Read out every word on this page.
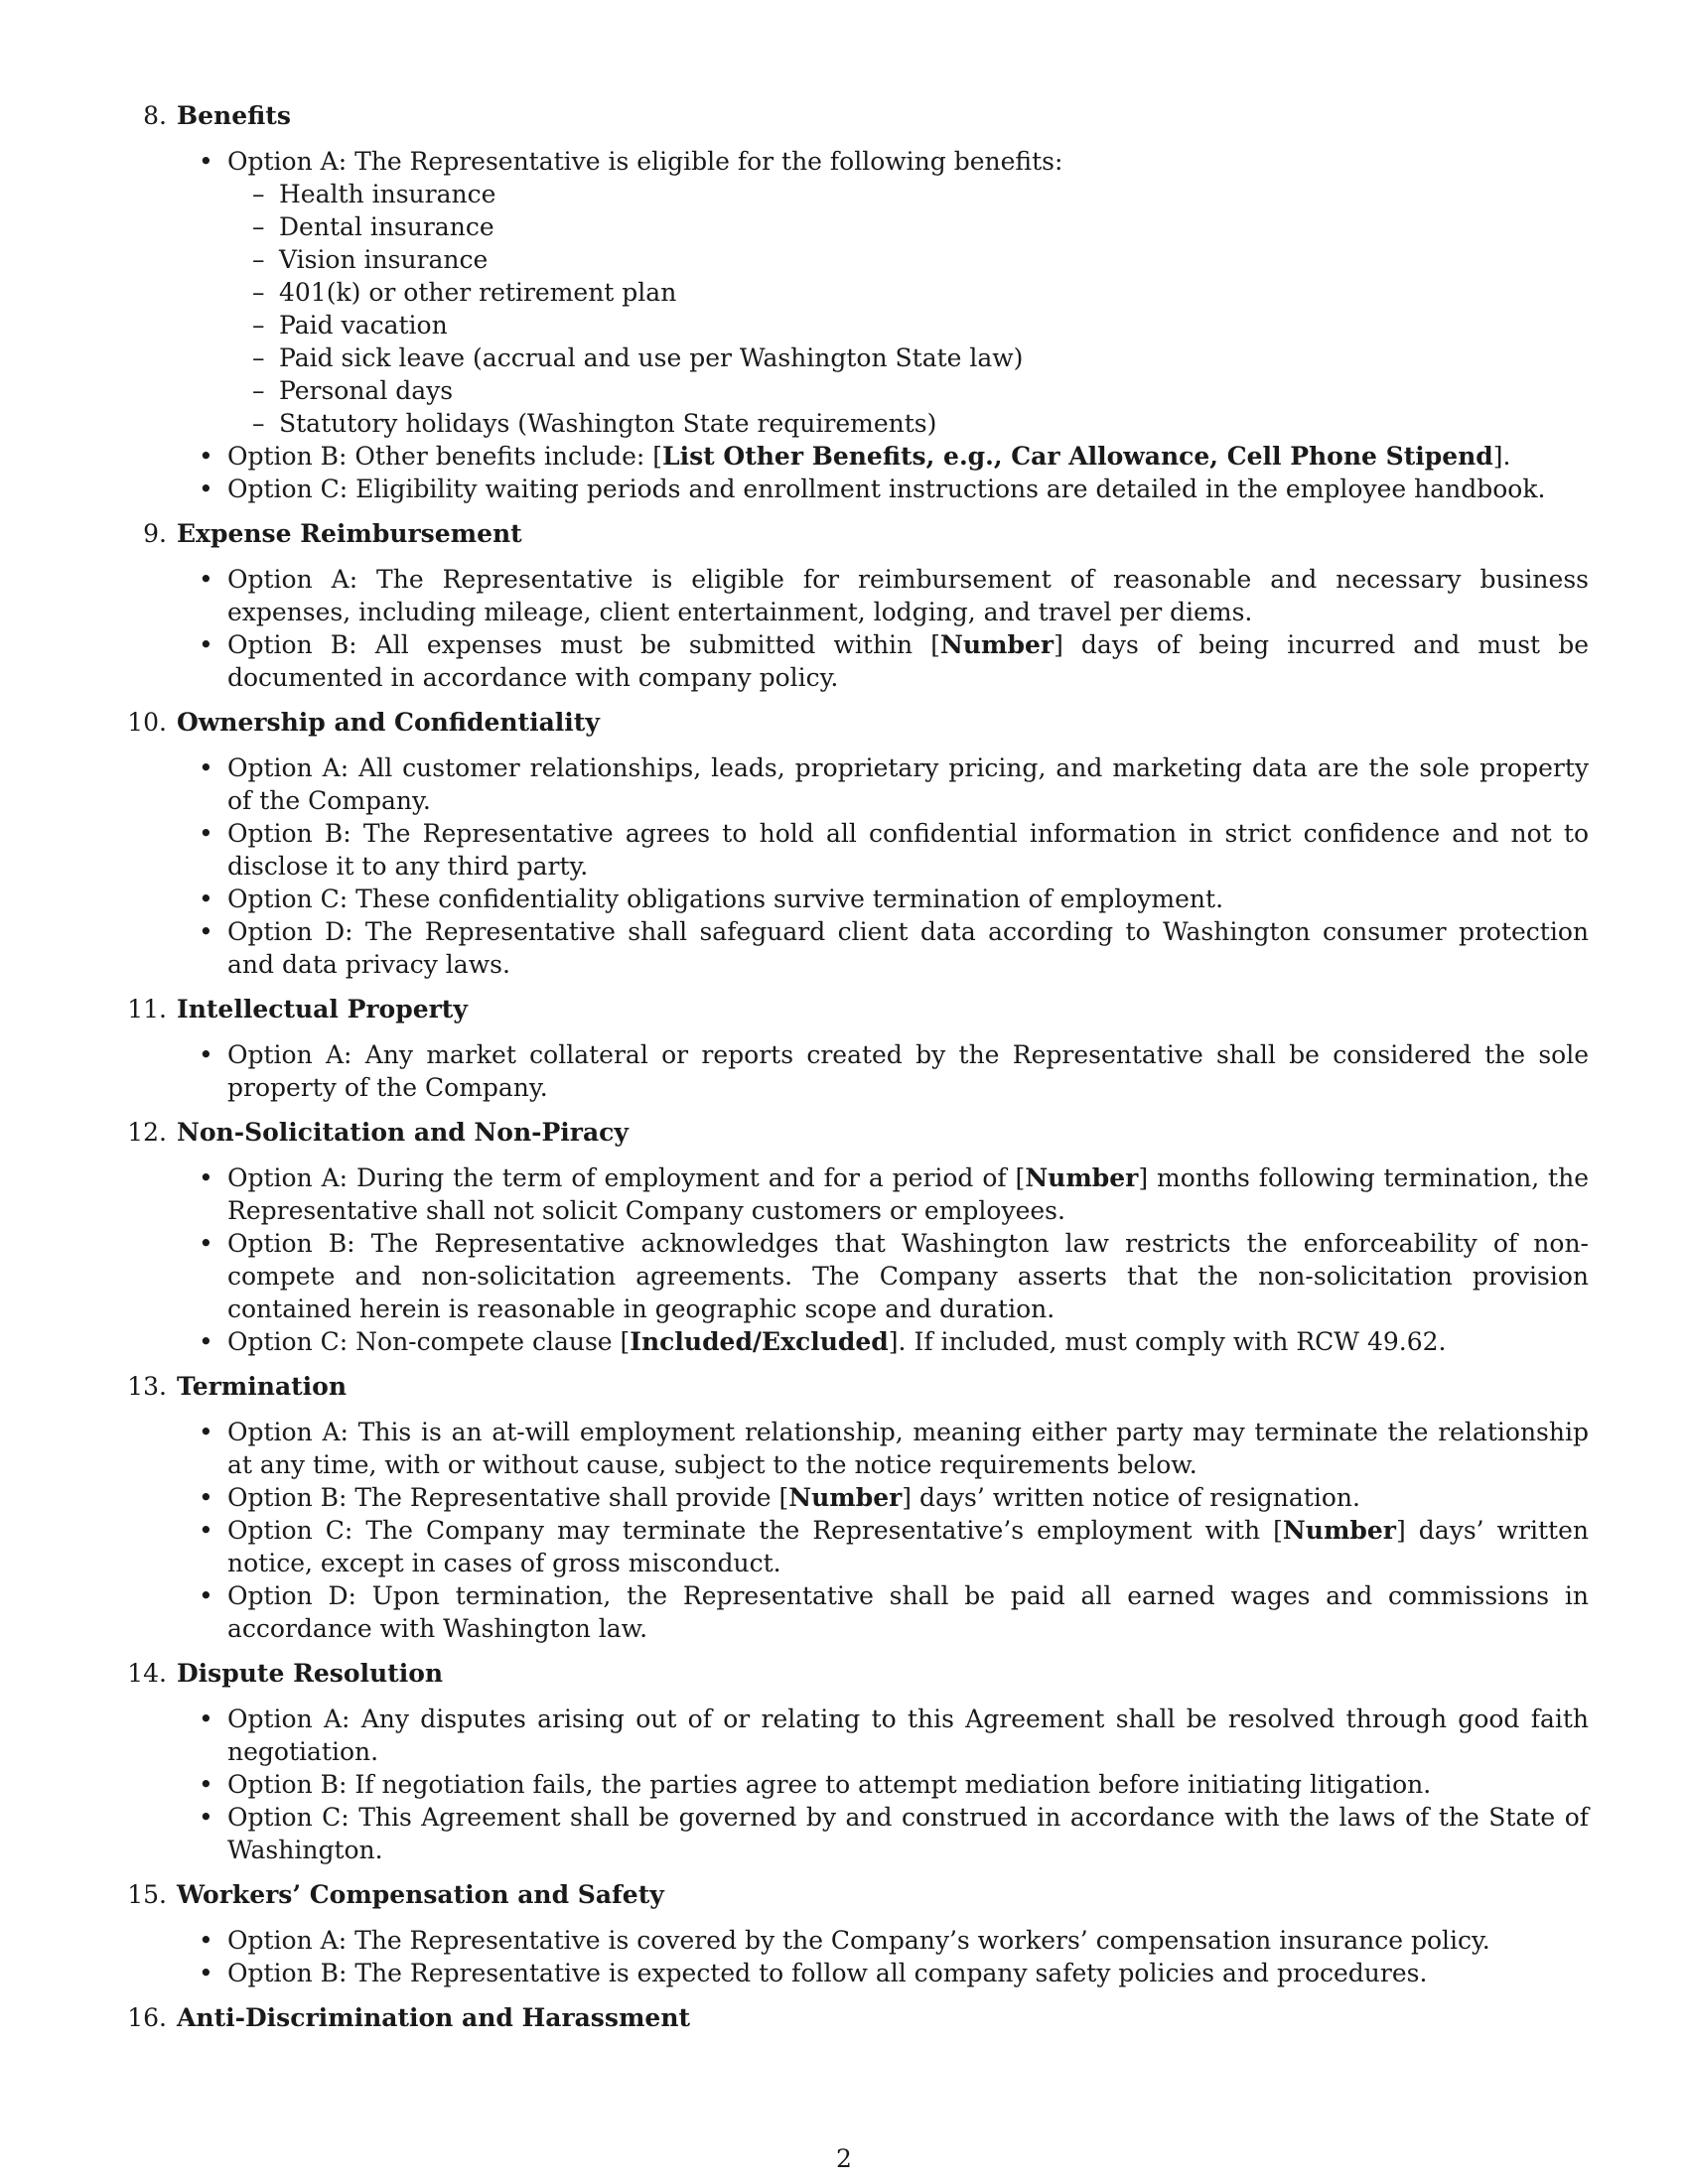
8. Benefits
• Option A: The Representative is eligible for the following benefits:
– Health insurance
– Dental insurance
– Vision insurance
– 401(k) or other retirement plan
– Paid vacation
– Paid sick leave (accrual and use per Washington State law)
– Personal days
– Statutory holidays (Washington State requirements)
• Option B: Other benefits include: [List Other Benefits, e.g., Car Allowance, Cell Phone Stipend].
• Option C: Eligibility waiting periods and enrollment instructions are detailed in the employee handbook.
9. Expense Reimbursement
• Option A: The Representative is eligible for reimbursement of reasonable and necessary business expenses, including mileage, client entertainment, lodging, and travel per diems.
• Option B: All expenses must be submitted within [Number] days of being incurred and must be documented in accordance with company policy.
10. Ownership and Confidentiality
• Option A: All customer relationships, leads, proprietary pricing, and marketing data are the sole property of the Company.
• Option B: The Representative agrees to hold all confidential information in strict confidence and not to disclose it to any third party.
• Option C: These confidentiality obligations survive termination of employment.
• Option D: The Representative shall safeguard client data according to Washington consumer protection and data privacy laws.
11. Intellectual Property
• Option A: Any market collateral or reports created by the Representative shall be considered the sole property of the Company.
12. Non-Solicitation and Non-Piracy
• Option A: During the term of employment and for a period of [Number] months following termination, the Representative shall not solicit Company customers or employees.
• Option B: The Representative acknowledges that Washington law restricts the enforceability of non-compete and non-solicitation agreements. The Company asserts that the non-solicitation provision contained herein is reasonable in geographic scope and duration.
• Option C: Non-compete clause [Included/Excluded]. If included, must comply with RCW 49.62.
13. Termination
• Option A: This is an at-will employment relationship, meaning either party may terminate the relationship at any time, with or without cause, subject to the notice requirements below.
• Option B: The Representative shall provide [Number] days’ written notice of resignation.
• Option C: The Company may terminate the Representative’s employment with [Number] days’ written notice, except in cases of gross misconduct.
• Option D: Upon termination, the Representative shall be paid all earned wages and commissions in accordance with Washington law.
14. Dispute Resolution
• Option A: Any disputes arising out of or relating to this Agreement shall be resolved through good faith negotiation.
• Option B: If negotiation fails, the parties agree to attempt mediation before initiating litigation.
• Option C: This Agreement shall be governed by and construed in accordance with the laws of the State of Washington.
15. Workers’ Compensation and Safety
• Option A: The Representative is covered by the Company’s workers’ compensation insurance policy.
• Option B: The Representative is expected to follow all company safety policies and procedures.
16. Anti-Discrimination and Harassment
2
